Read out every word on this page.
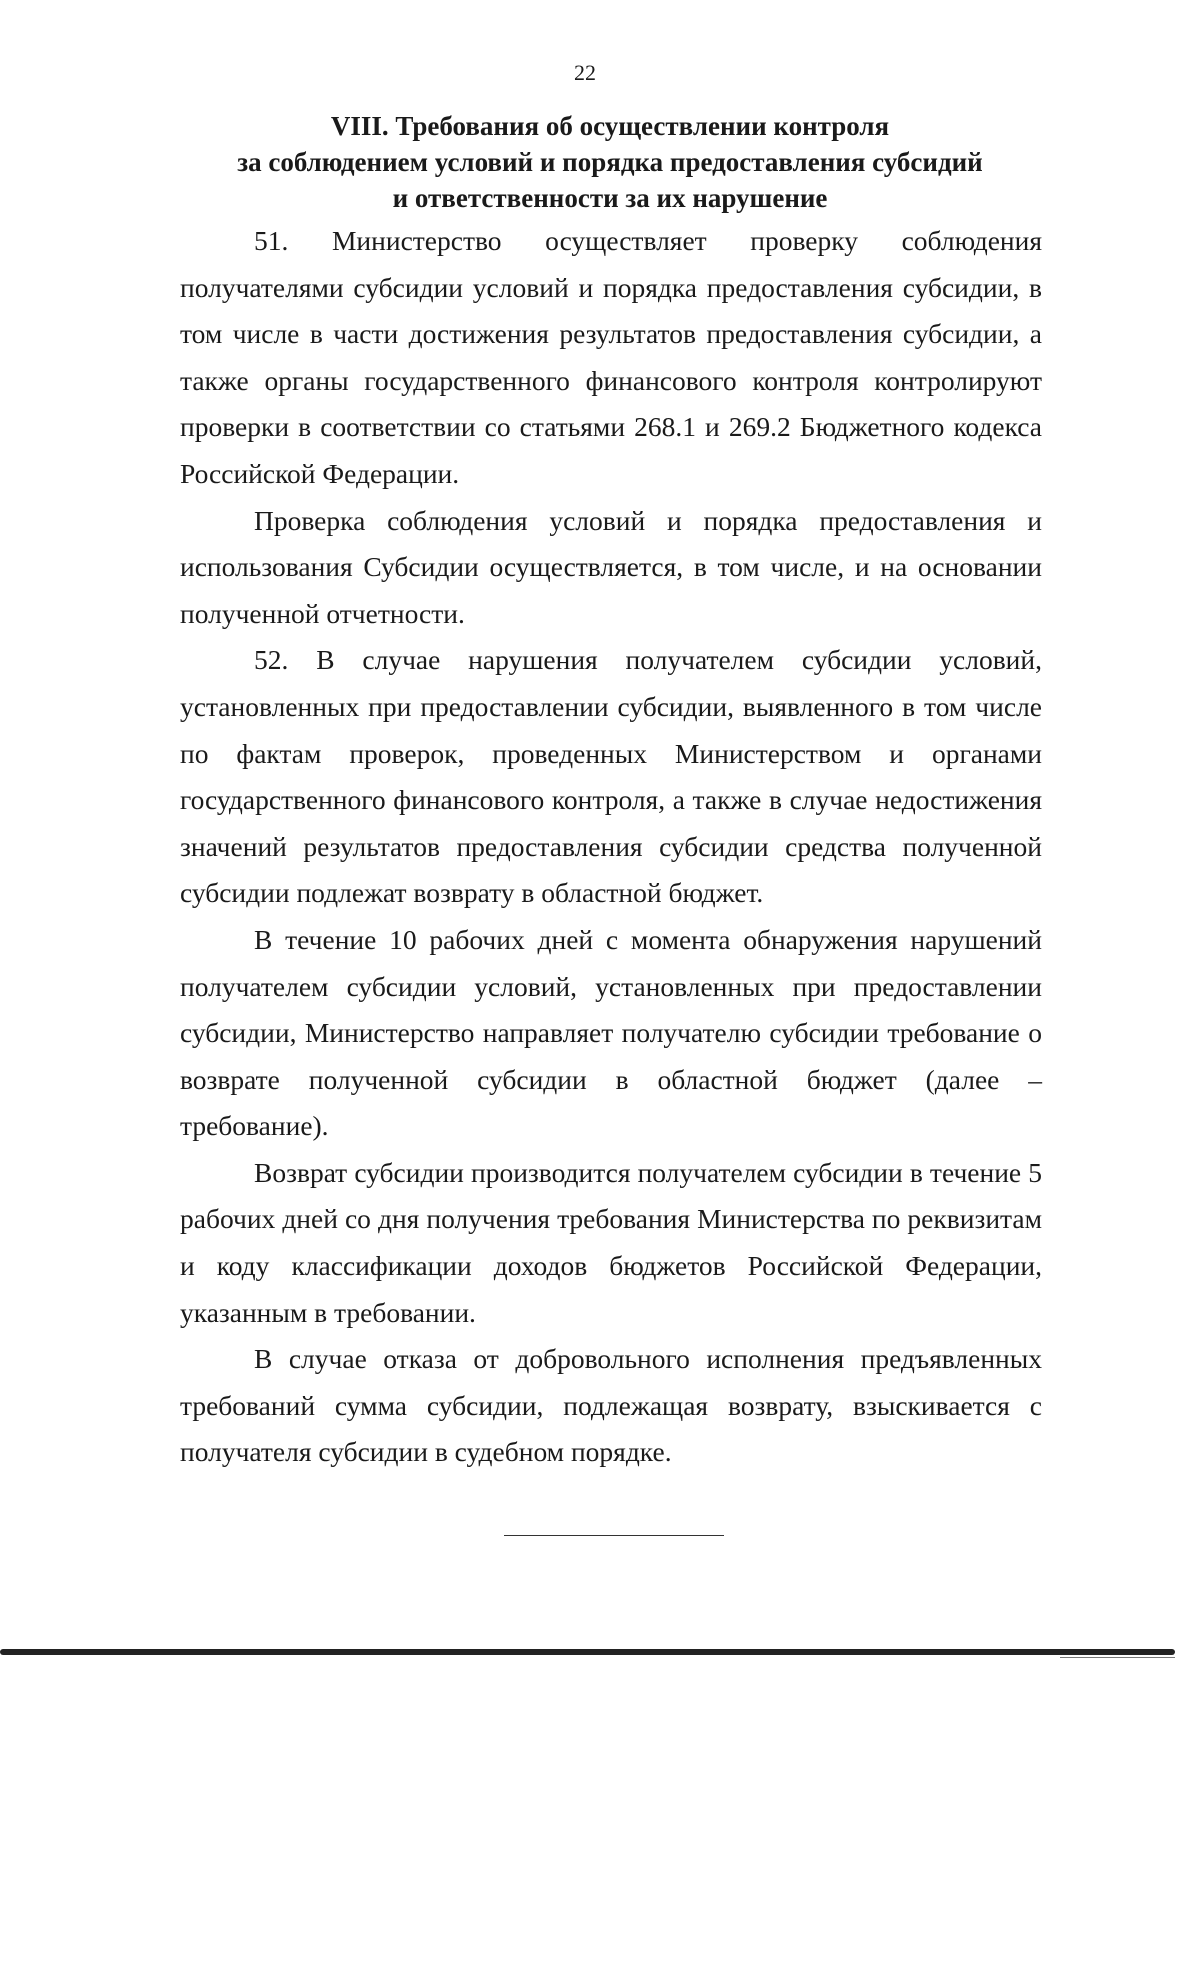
22
VIII. Требования об осуществлении контроля
за соблюдением условий и порядка предоставления субсидий
и ответственности за их нарушение

51. Министерство осуществляет проверку соблюдения получателями субсидии условий и порядка предоставления субсидии, в том числе в части достижения результатов предоставления субсидии, а также органы государственного финансового контроля контролируют проверки в соответствии со статьями 268.1 и 269.2 Бюджетного кодекса Российской Федерации.

Проверка соблюдения условий и порядка предоставления и использования Субсидии осуществляется, в том числе, и на основании полученной отчетности.

52. В случае нарушения получателем субсидии условий, установленных при предоставлении субсидии, выявленного в том числе по фактам проверок, проведенных Министерством и органами государственного финансового контроля, а также в случае недостижения значений результатов предоставления субсидии средства полученной субсидии подлежат возврату в областной бюджет.

В течение 10 рабочих дней с момента обнаружения нарушений получателем субсидии условий, установленных при предоставлении субсидии, Министерство направляет получателю субсидии требование о возврате полученной субсидии в областной бюджет (далее – требование).

Возврат субсидии производится получателем субсидии в течение 5 рабочих дней со дня получения требования Министерства по реквизитам и коду классификации доходов бюджетов Российской Федерации, указанным в требовании.

В случае отказа от добровольного исполнения предъявленных требований сумма субсидии, подлежащая возврату, взыскивается с получателя субсидии в судебном порядке.
